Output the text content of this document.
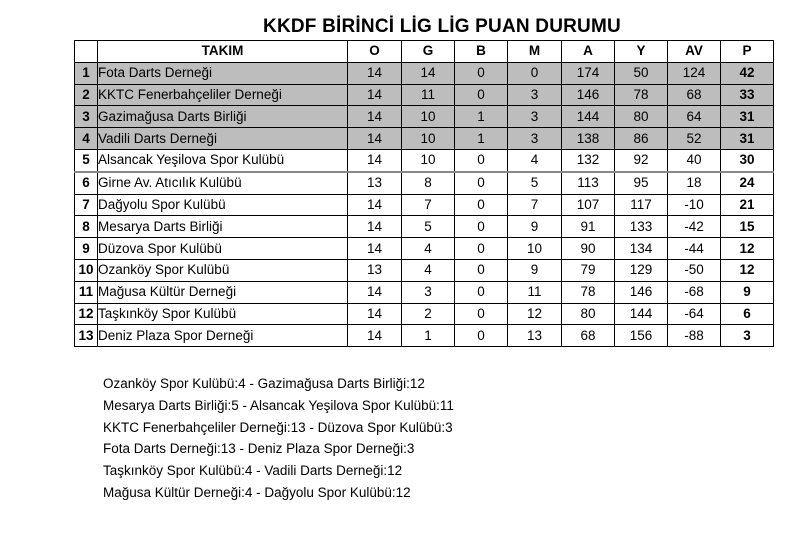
KKDF BİRİNCİ LİG LİG PUAN DURUMU
	TAKIM	O	G	B	M	A	Y	AV	P
1	Fota Darts Derneği	14	14	0	0	174	50	124	42
2	KKTC Fenerbahçeliler Derneği	14	11	0	3	146	78	68	33
3	Gazimağusa Darts Birliği	14	10	1	3	144	80	64	31
4	Vadili Darts Derneği	14	10	1	3	138	86	52	31
5	Alsancak Yeşilova Spor Kulübü	14	10	0	4	132	92	40	30
6	Girne Av. Atıcılık Kulübü	13	8	0	5	113	95	18	24
7	Dağyolu Spor Kulübü	14	7	0	7	107	117	-10	21
8	Mesarya Darts Birliği	14	5	0	9	91	133	-42	15
9	Düzova Spor Kulübü	14	4	0	10	90	134	-44	12
10	Ozanköy Spor Kulübü	13	4	0	9	79	129	-50	12
11	Mağusa Kültür Derneği	14	3	0	11	78	146	-68	9
12	Taşkınköy Spor Kulübü	14	2	0	12	80	144	-64	6
13	Deniz Plaza Spor Derneği	14	1	0	13	68	156	-88	3
Ozanköy Spor Kulübü:4 - Gazimağusa Darts Birliği:12
Mesarya Darts Birliği:5 - Alsancak Yeşilova Spor Kulübü:11
KKTC Fenerbahçeliler Derneği:13 - Düzova Spor Kulübü:3
Fota Darts Derneği:13 - Deniz Plaza Spor Derneği:3
Taşkınköy Spor Kulübü:4 - Vadili Darts Derneği:12
Mağusa Kültür Derneği:4 - Dağyolu Spor Kulübü:12
